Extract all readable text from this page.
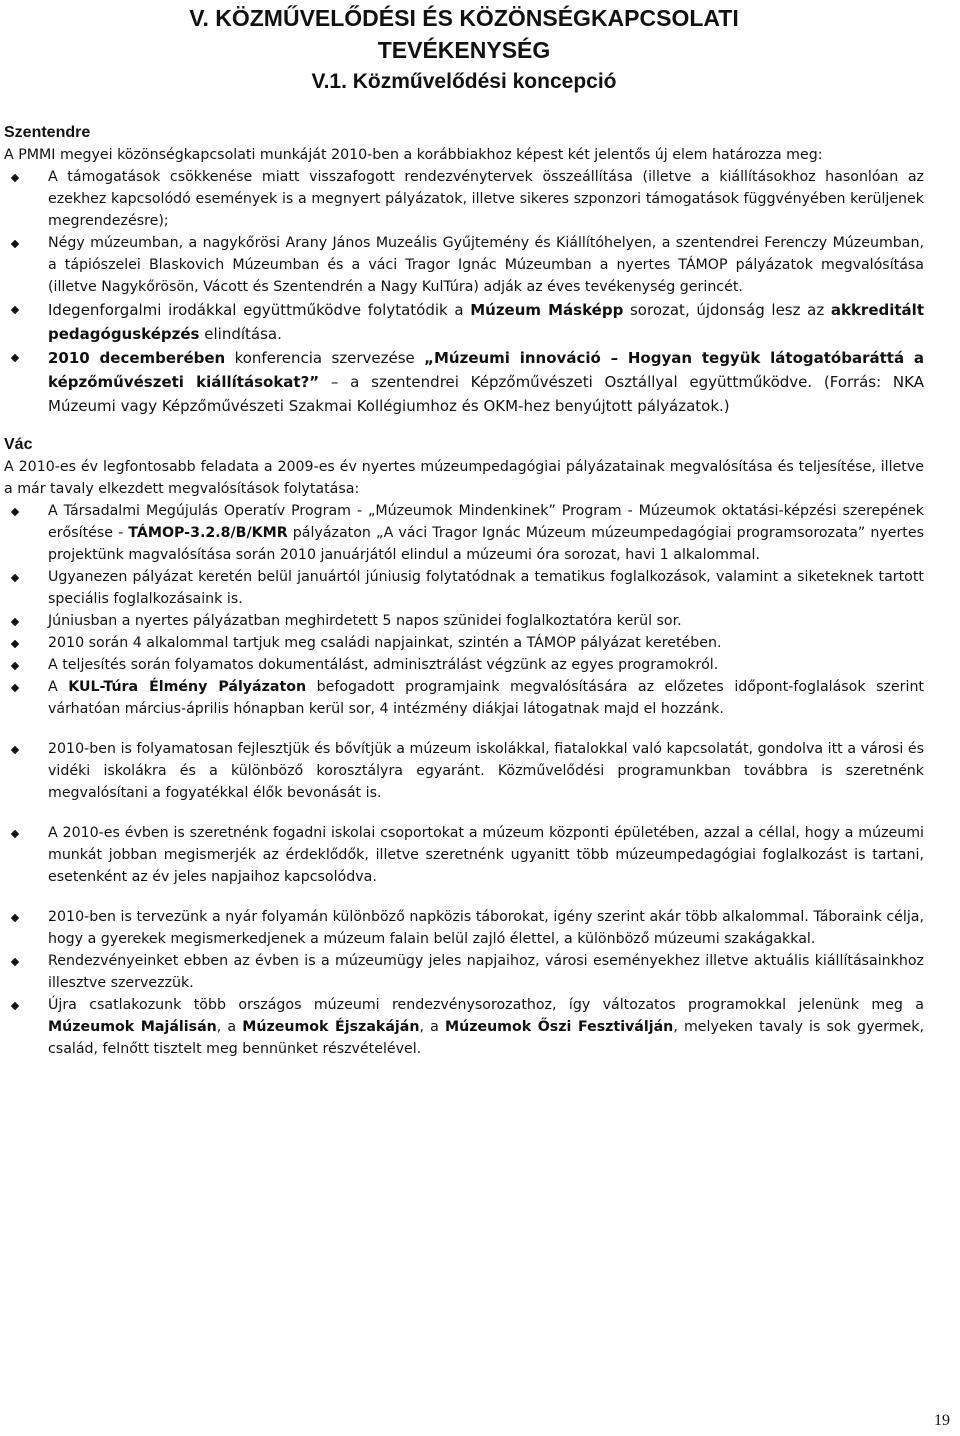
V. KÖZMŰVELŐDÉSI ÉS KÖZÖNSÉGKAPCSOLATI
TEVÉKENYSÉG
V.1. Közművelődési koncepció
Szentendre

A PMMI megyei közönségkapcsolati munkáját 2010-ben a korábbiakhoz képest két jelentős új elem határozza meg:

A támogatások csökkenése miatt visszafogott rendezvénytervek összeállítása (illetve a kiállításokhoz hasonlóan az ezekhez kapcsolódó események is a megnyert pályázatok, illetve sikeres szponzori támogatások függvényében kerüljenek megrendezésre);
Négy múzeumban, a nagykőrösi Arany János Muzeális Gyűjtemény és Kiállítóhelyen, a szentendrei Ferenczy Múzeumban, a tápiószelei Blaskovich Múzeumban és a váci Tragor Ignác Múzeumban a nyertes TÁMOP pályázatok megvalósítása (illetve Nagykőrösön, Vácott és Szentendrén a Nagy KulTúra) adják az éves tevékenység gerincét.
Idegenforgalmi irodákkal együttműködve folytatódik a Múzeum Másképp sorozat, újdonság lesz az akkreditált pedagógusképzés elindítása.
2010 decemberében konferencia szervezése „Múzeumi innováció – Hogyan tegyük látogatóbaráttá a képzőművészeti kiállításokat?” – a szentendrei Képzőművészeti Osztállyal együttműködve. (Forrás: NKA Múzeumi vagy Képzőművészeti Szakmai Kollégiumhoz és OKM-hez benyújtott pályázatok.)
Vác

A 2010-es év legfontosabb feladata a 2009-es év nyertes múzeumpedagógiai pályázatainak megvalósítása és teljesítése, illetve a már tavaly elkezdett megvalósítások folytatása:

A Társadalmi Megújulás Operatív Program - „Múzeumok Mindenkinek” Program - Múzeumok oktatási-képzési szerepének erősítése - TÁMOP-3.2.8/B/KMR pályázaton „A váci Tragor Ignác Múzeum múzeumpedagógiai programsorozata” nyertes projektünk magvalósítása során 2010 januárjától elindul a múzeumi óra sorozat, havi 1 alkalommal.
Ugyanezen pályázat keretén belül januártól júniusig folytatódnak a tematikus foglalkozások, valamint a siketeknek tartott speciális foglalkozásaink is.
Júniusban a nyertes pályázatban meghirdetett 5 napos szünidei foglalkoztatóra kerül sor.
2010 során 4 alkalommal tartjuk meg családi napjainkat, szintén a TÁMOP pályázat keretében.
A teljesítés során folyamatos dokumentálást, adminisztrálást végzünk az egyes programokról.
A KUL-Túra Élmény Pályázaton befogadott programjaink megvalósítására az előzetes időpont-foglalások szerint várhatóan március-április hónapban kerül sor, 4 intézmény diákjai látogatnak majd el hozzánk.
2010-ben is folyamatosan fejlesztjük és bővítjük a múzeum iskolákkal, fiatalokkal való kapcsolatát, gondolva itt a városi és vidéki iskolákra és a különböző korosztályra egyaránt. Közművelődési programunkban továbbra is szeretnénk megvalósítani a fogyatékkal élők bevonását is.
A 2010-es évben is szeretnénk fogadni iskolai csoportokat a múzeum központi épületében, azzal a céllal, hogy a múzeumi munkát jobban megismerjék az érdeklődők, illetve szeretnénk ugyanitt több múzeumpedagógiai foglalkozást is tartani, esetenként az év jeles napjaihoz kapcsolódva.
2010-ben is tervezünk a nyár folyamán különböző napközis táborokat, igény szerint akár több alkalommal. Táboraink célja, hogy a gyerekek megismerkedjenek a múzeum falain belül zajló élettel, a különböző múzeumi szakágakkal.
Rendezvényeinket ebben az évben is a múzeumügy jeles napjaihoz, városi eseményekhez illetve aktuális kiállításainkhoz illesztve szervezzük.
Újra csatlakozunk több országos múzeumi rendezvénysorozathoz, így változatos programokkal jelenünk meg a Múzeumok Majálisán, a Múzeumok Éjszakáján, a Múzeumok Őszi Fesztiválján, melyeken tavaly is sok gyermek, család, felnőtt tisztelt meg bennünket részvételével.
19
